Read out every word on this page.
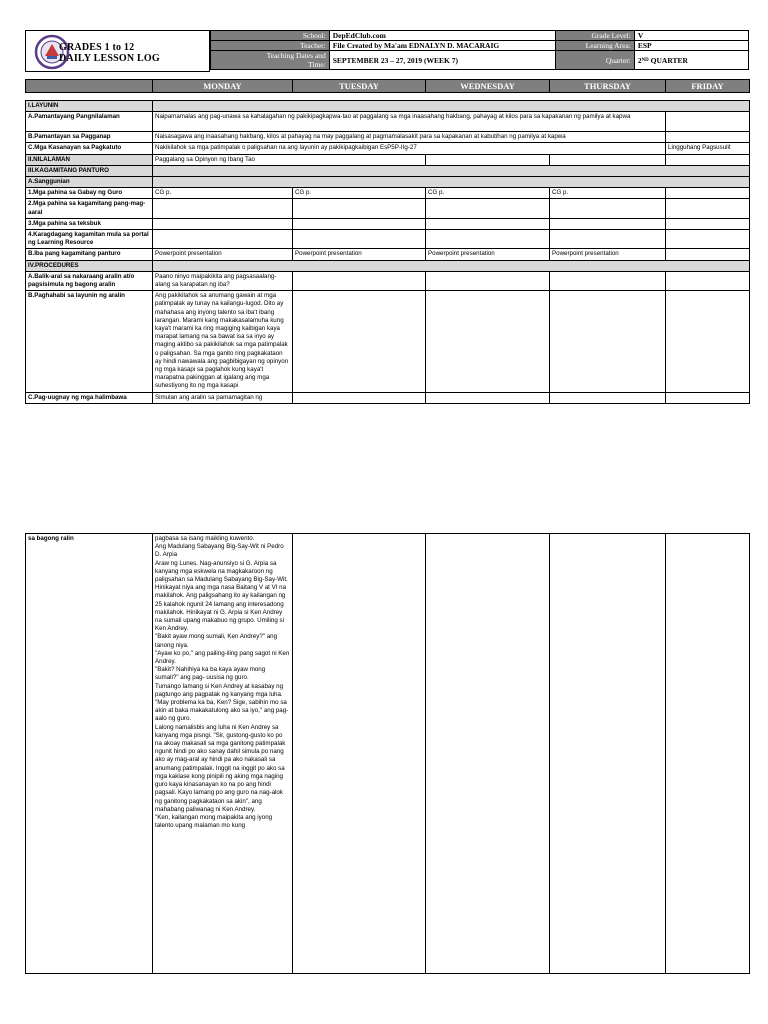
GRADES 1 to 12
DAILY LESSON LOG
School:	DepEdClub.com	Grade Level:	V
Teacher:	File Created by Ma'am EDNALYN D. MACARAIG	Learning Area:	ESP

Teaching Dates and
Time:	SEPTEMBER 23 – 27, 2019 (WEEK 7)	Quarter:	2ND QUARTER
	MONDAY	TUESDAY	WEDNESDAY	THURSDAY	FRIDAY

I.LAYUNIN					
A.Pamantayang Pangnilalaman	Naipamamalas ang pag-unawa sa kahalagahan ng pakikipagkapwa-tao at paggalang sa mga inaasahang hakbang, pahayag at kilos para sa kapakanan ng pamilya at kapwa				
B.Pamantayan sa Pagganap	Naisasagawa ang inaasahang hakbang, kilos at pahayag na may paggalang at pagmamalasakit para sa kapakanan at kabutihan ng pamilya at kapwa				
C.Mga Kasanayan sa Pagkatuto	Nakikilahok sa mga patimpalak o paligsahan na ang layunin ay pakikipagkaibigan EsP5P-IIg-27				Lingguhang Pagsusulit
II.NILALAMAN	Paggalang sa Opinyon ng Ibang Tao				
III.KAGAMITANG PANTURO					
A.Sanggunian					
1.Mga pahina sa Gabay ng Guro	CG p.	CG p.	CG p.	CG p.	
2.Mga pahina sa kagamitang pang-mag-aaral					
3.Mga pahina sa teksbuk					
4.Karagdagang kagamitan mula sa portal ng Learning Resource					
B.Iba pang kagamitang panturo	Powerpoint presentation	Powerpoint presentation	Powerpoint presentation	Powerpoint presentation	
IV.PROCEDURES					
A.Balik-aral sa nakaraang aralin at/o pagsisimula ng bagong aralin	Paano ninyo maipakikita ang pagsasaalang-alang sa karapatan ng iba?				
B.Paghahabi sa layunin ng aralin	Ang pakikilahok sa anumang gawain at mga patimpalak ay tunay na kailangu-lugod. Dito ay mahahasa ang inyong talento sa iba't ibang larangan. Marami kang makakasalamuha kung kaya't marami ka ring magiging kaibigan kaya marapat lamang na sa bawat isa sa inyo ay maging aktibo sa pakikilahok sa mga patimpalak o paligsahan. Sa mga ganito ring pagkakataon ay hindi nawawala ang pagbibigayan ng opinyon ng mga kasapi sa paglahok kung kaya't marapatna pakinggan at igalang ang mga suhestiyong ito ng mga kasapi				
C.Pag-uugnay ng mga halimbawa	Simulan ang aralin sa pamamagitan ng				
sa bagong ralin	pagbasa sa isang maikling kuwento.

Ang Madulang Sabayang Big-Say-Wit ni Pedro D. Arpia

Araw ng Lunes. Nag-anunsiyo si G. Arpia sa kanyang mga eskwela na magkakaroon ng paligsahan sa Madulang Sabayang Big-Say-Wit. Hinikayat niya ang mga nasa Baitang V at VI na makilahok. Ang paligsahang ito ay kailangan ng 25 kalahok ngunit 24 lamang ang interesadong makilahok. Hinikayat ni G. Arpia si Ken Andrey na sumali upang makabuo ng grupo. Umiling si Ken Andrey.

"Bakit ayaw mong sumali, Ken Andrey?" ang tanong niya.

"Ayaw ko po," ang pailing-iling pang sagot ni Ken Andrey.

"Bakit? Nahihiya ka ba kaya ayaw mong sumali?" ang pag- uusisa ng guro.

Tumango lamang si Ken Andrey at kasabay ng pagtungo ang pagpatak ng kanyang mga luha.

"May problema ka ba, Ken? Sige, sabihin mo sa akin at baka makakatulong ako sa iyo," ang pag-aalo ng guro.

Lalong namalisbis ang luha ni Ken Andrey sa kanyang mga pisngi. "Sir, gustong-gusto ko po na akoay makasali sa mga ganitong patimpalak ngunit hindi po ako sanay dahil simula po nang ako ay mag-aral ay hindi pa ako nakasali sa anumang patimpalak. Inggit na inggit po ako sa mga kaklase kong pinipili ng aking mga naging guro kaya kinasanayan ko na po ang hindi pagsali. Kayo lamang po ang guro na nag-alok ng ganitong pagkakataon sa akin", ang mahabang paliwanag ni Ken Andrey.

"Ken, kailangan mong maipakita ang iyong talento upang malaman mo kung
